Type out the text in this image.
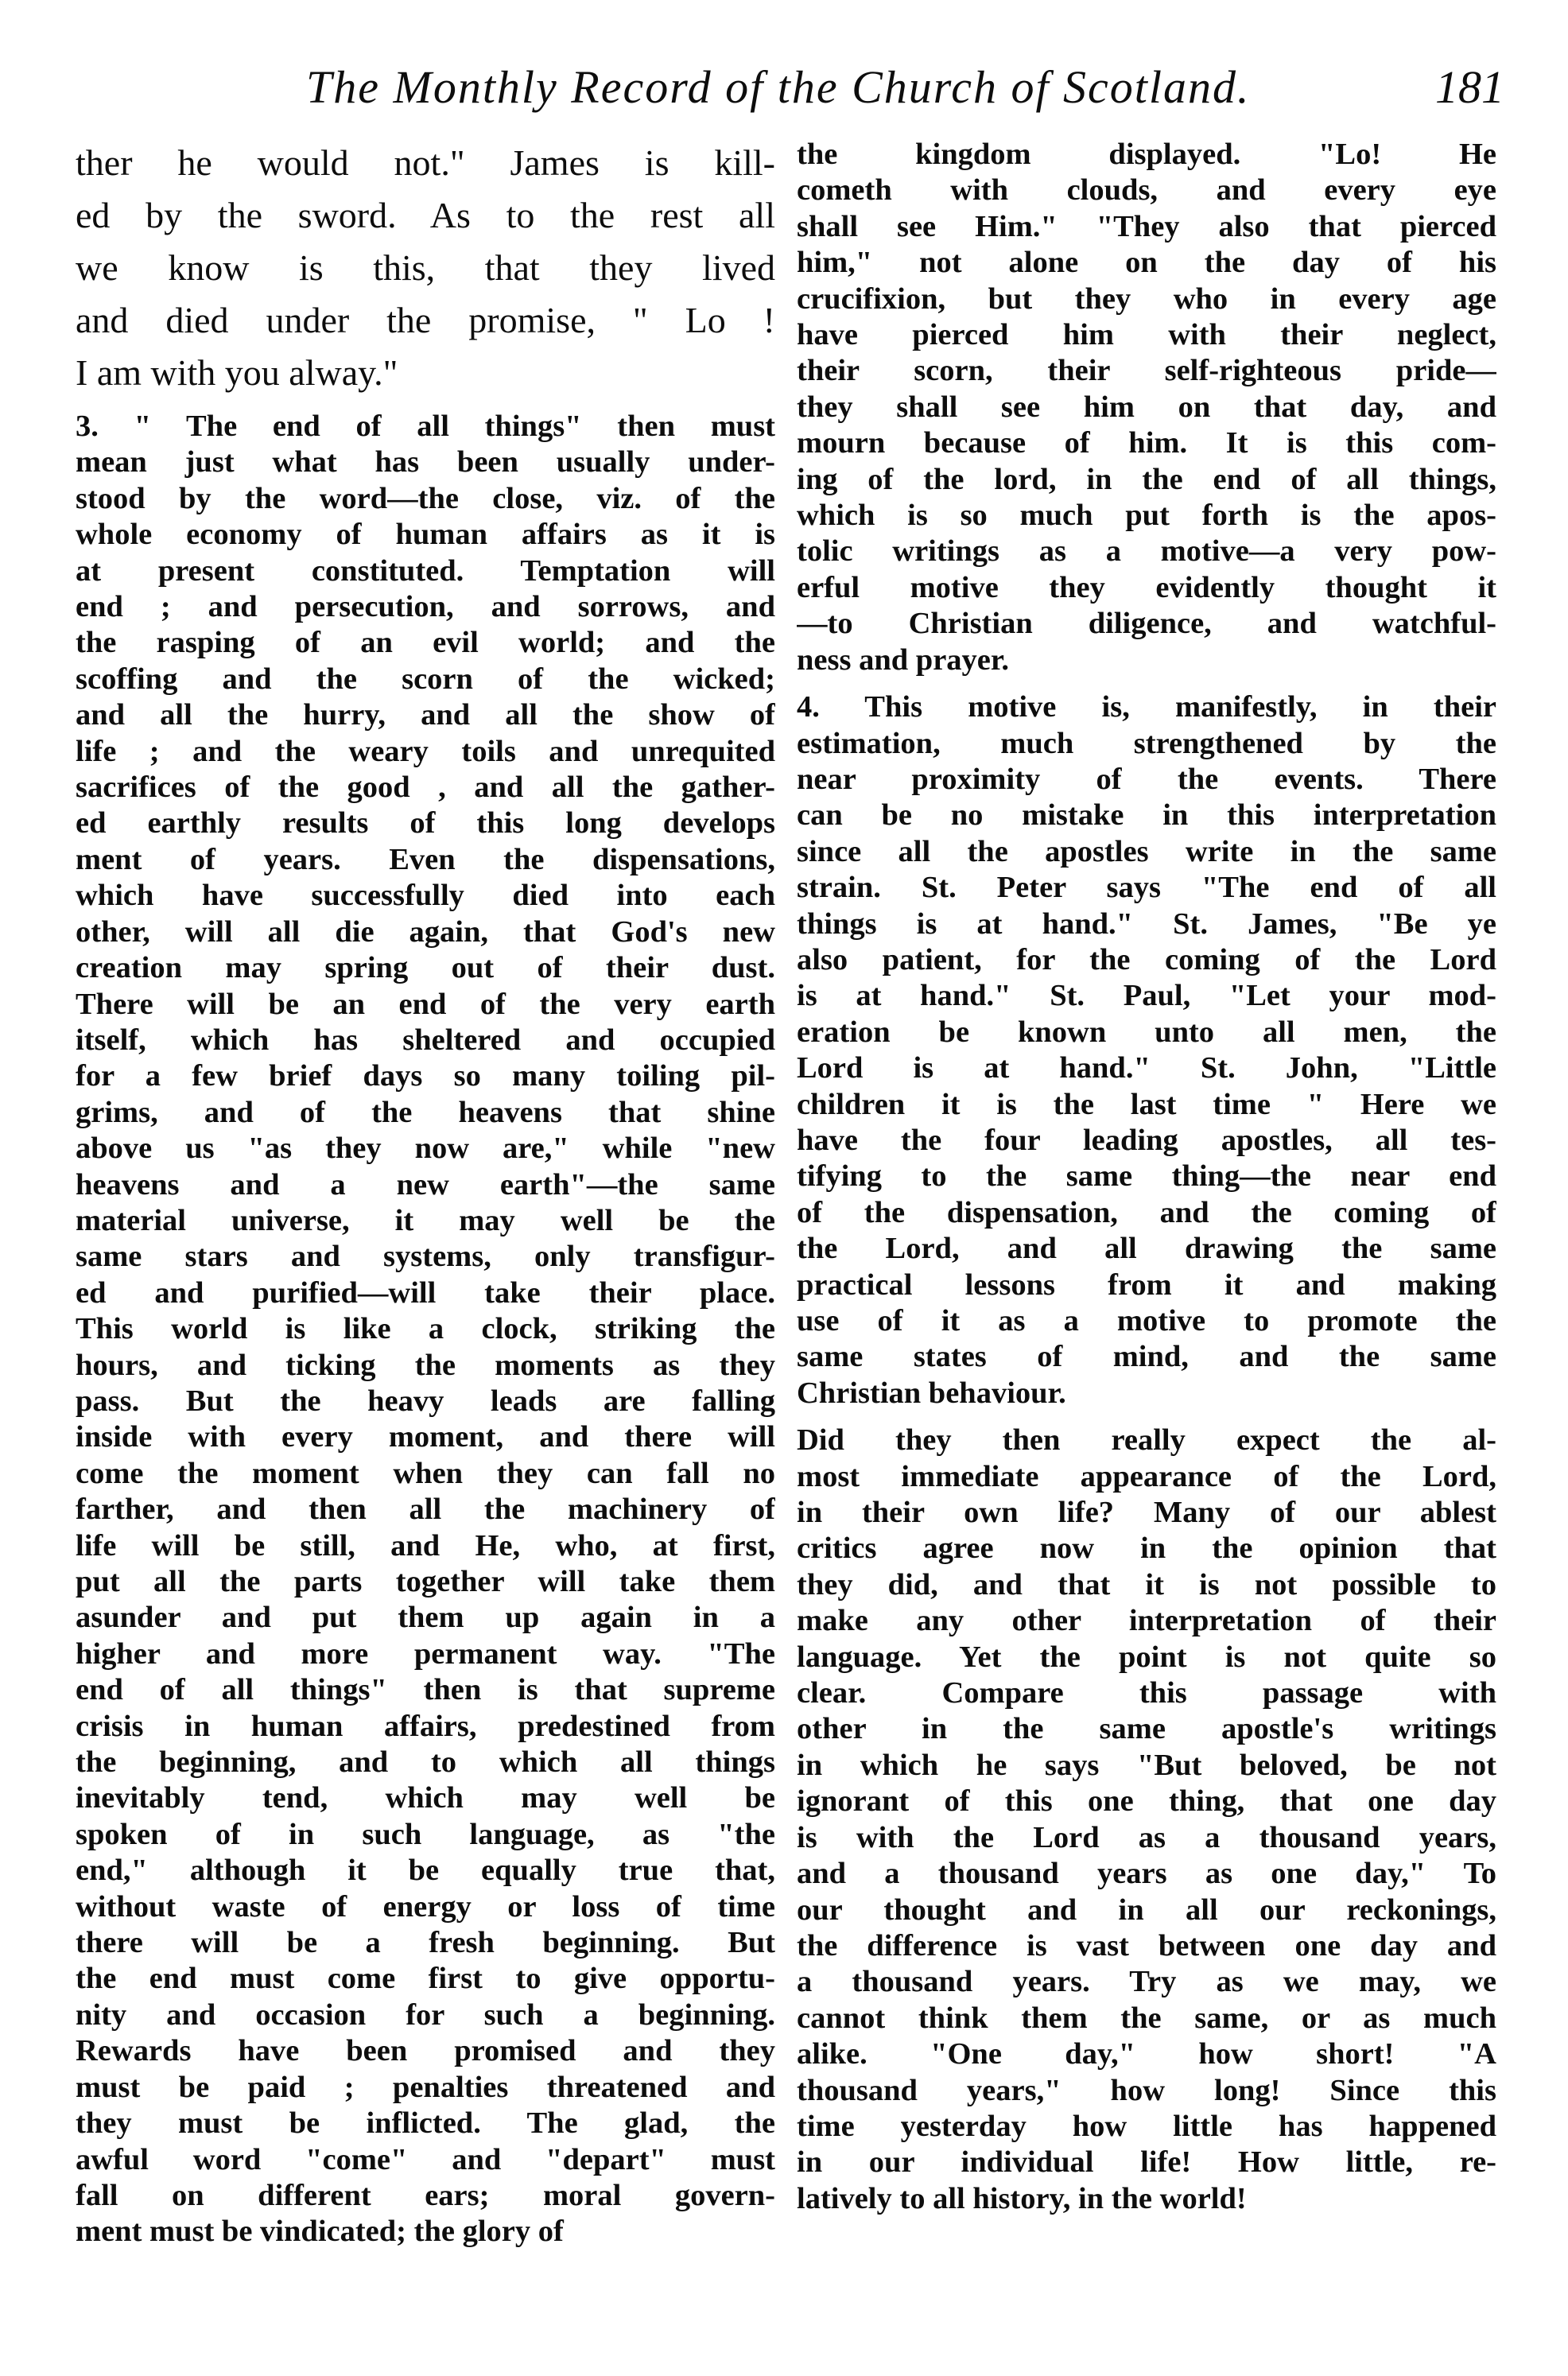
The Monthly Record of the Church of Scotland.	181

ther he would not." James is kill-
ed by the sword. As to the rest all
we know is this, that they lived
and died under the promise, " Lo !
I am with you alway."

3. " The end of all things" then must
mean just what has been usually under-
stood by the word—the close, viz. of the
whole economy of human affairs as it is
at present constituted. Temptation will
end ; and persecution, and sorrows, and
the rasping of an evil world; and the
scoffing and the scorn of the wicked;
and all the hurry, and all the show of
life ; and the weary toils and unrequited
sacrifices of the good , and all the gather-
ed earthly results of this long develops
ment of years. Even the dispensations,
which have successfully died into each
other, will all die again, that God's new
creation may spring out of their dust.
There will be an end of the very earth
itself, which has sheltered and occupied
for a few brief days so many toiling pil-
grims, and of the heavens that shine
above us "as they now are," while "new
heavens and a new earth"—the same
material universe, it may well be the
same stars and systems, only transfigur-
ed and purified—will take their place.
This world is like a clock, striking the
hours, and ticking the moments as they
pass. But the heavy leads are falling
inside with every moment, and there will
come the moment when they can fall no
farther, and then all the machinery of
life will be still, and He, who, at first,
put all the parts together will take them
asunder and put them up again in a
higher and more permanent way. "The
end of all things" then is that supreme
crisis in human affairs, predestined from
the beginning, and to which all things
inevitably tend, which may well be
spoken of in such language, as "the
end," although it be equally true that,
without waste of energy or loss of time
there will be a fresh beginning. But
the end must come first to give opportu-
nity and occasion for such a beginning.
Rewards have been promised and they
must be paid ; penalties threatened and
they must be inflicted. The glad, the
awful word "come" and "depart" must
fall on different ears; moral govern-
ment must be vindicated; the glory of

the kingdom displayed. "Lo! He
cometh with clouds, and every eye
shall see Him." "They also that pierced
him," not alone on the day of his
crucifixion, but they who in every age
have pierced him with their neglect,
their scorn, their self-righteous pride—
they shall see him on that day, and
mourn because of him. It is this com-
ing of the lord, in the end of all things,
which is so much put forth is the apos-
tolic writings as a motive—a very pow-
erful motive they evidently thought it
—to Christian diligence, and watchful-
ness and prayer.

4. This motive is, manifestly, in their
estimation, much strengthened by the
near proximity of the events. There
can be no mistake in this interpretation
since all the apostles write in the same
strain. St. Peter says "The end of all
things is at hand." St. James, "Be ye
also patient, for the coming of the Lord
is at hand." St. Paul, "Let your mod-
eration be known unto all men, the
Lord is at hand." St. John, "Little
children it is the last time " Here we
have the four leading apostles, all tes-
tifying to the same thing—the near end
of the dispensation, and the coming of
the Lord, and all drawing the same
practical lessons from it and making
use of it as a motive to promote the
same states of mind, and the same
Christian behaviour.

Did they then really expect the al-
most immediate appearance of the Lord,
in their own life? Many of our ablest
critics agree now in the opinion that
they did, and that it is not possible to
make any other interpretation of their
language. Yet the point is not quite so
clear. Compare this passage with
other in the same apostle's writings
in which he says "But beloved, be not
ignorant of this one thing, that one day
is with the Lord as a thousand years,
and a thousand years as one day," To
our thought and in all our reckonings,
the difference is vast between one day and
a thousand years. Try as we may, we
cannot think them the same, or as much
alike. "One day," how short! "A
thousand years," how long! Since this
time yesterday how little has happened
in our individual life! How little, re-
latively to all history, in the world!
